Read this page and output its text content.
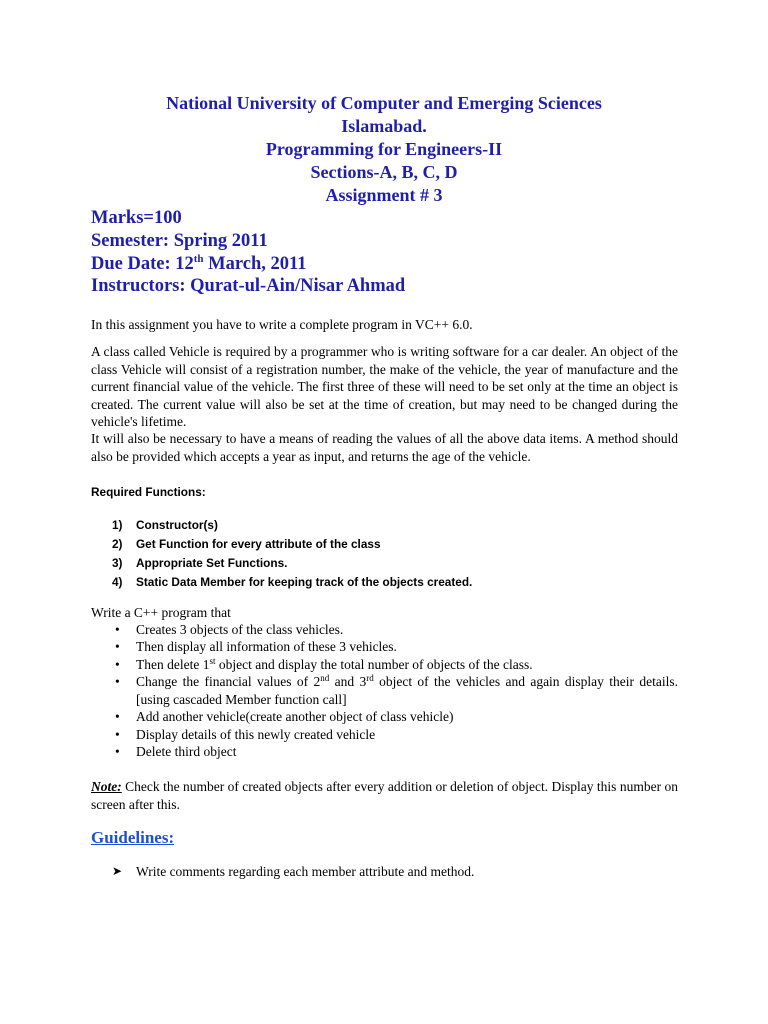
National University of Computer and Emerging Sciences
Islamabad.
Programming for Engineers-II
Sections-A, B, C, D
Assignment # 3
Marks=100
Semester: Spring 2011
Due Date: 12th March, 2011
Instructors: Qurat-ul-Ain/Nisar Ahmad

In this assignment you have to write a complete program in VC++ 6.0.

A class called Vehicle is required by a programmer who is writing software for a car dealer. An object of the class Vehicle will consist of a registration number, the make of the vehicle, the year of manufacture and the current financial value of the vehicle. The first three of these will need to be set only at the time an object is created. The current value will also be set at the time of creation, but may need to be changed during the vehicle's lifetime.

It will also be necessary to have a means of reading the values of all the above data items. A method should also be provided which accepts a year as input, and returns the age of the vehicle.

Required Functions:
1) Constructor(s)
2) Get Function for every attribute of the class
3) Appropriate Set Functions.
4) Static Data Member for keeping track of the objects created.

Write a C++ program that

• Creates 3 objects of the class vehicles.
• Then display all information of these 3 vehicles.
• Then delete 1st object and display the total number of objects of the class.
• Change the financial values of 2nd and 3rd object of the vehicles and again display their details. [using cascaded Member function call]
• Add another vehicle(create another object of class vehicle)
• Display details of this newly created vehicle
• Delete third object

Note: Check the number of created objects after every addition or deletion of object. Display this number on screen after this.

Guidelines:
➤ Write comments regarding each member attribute and method.
